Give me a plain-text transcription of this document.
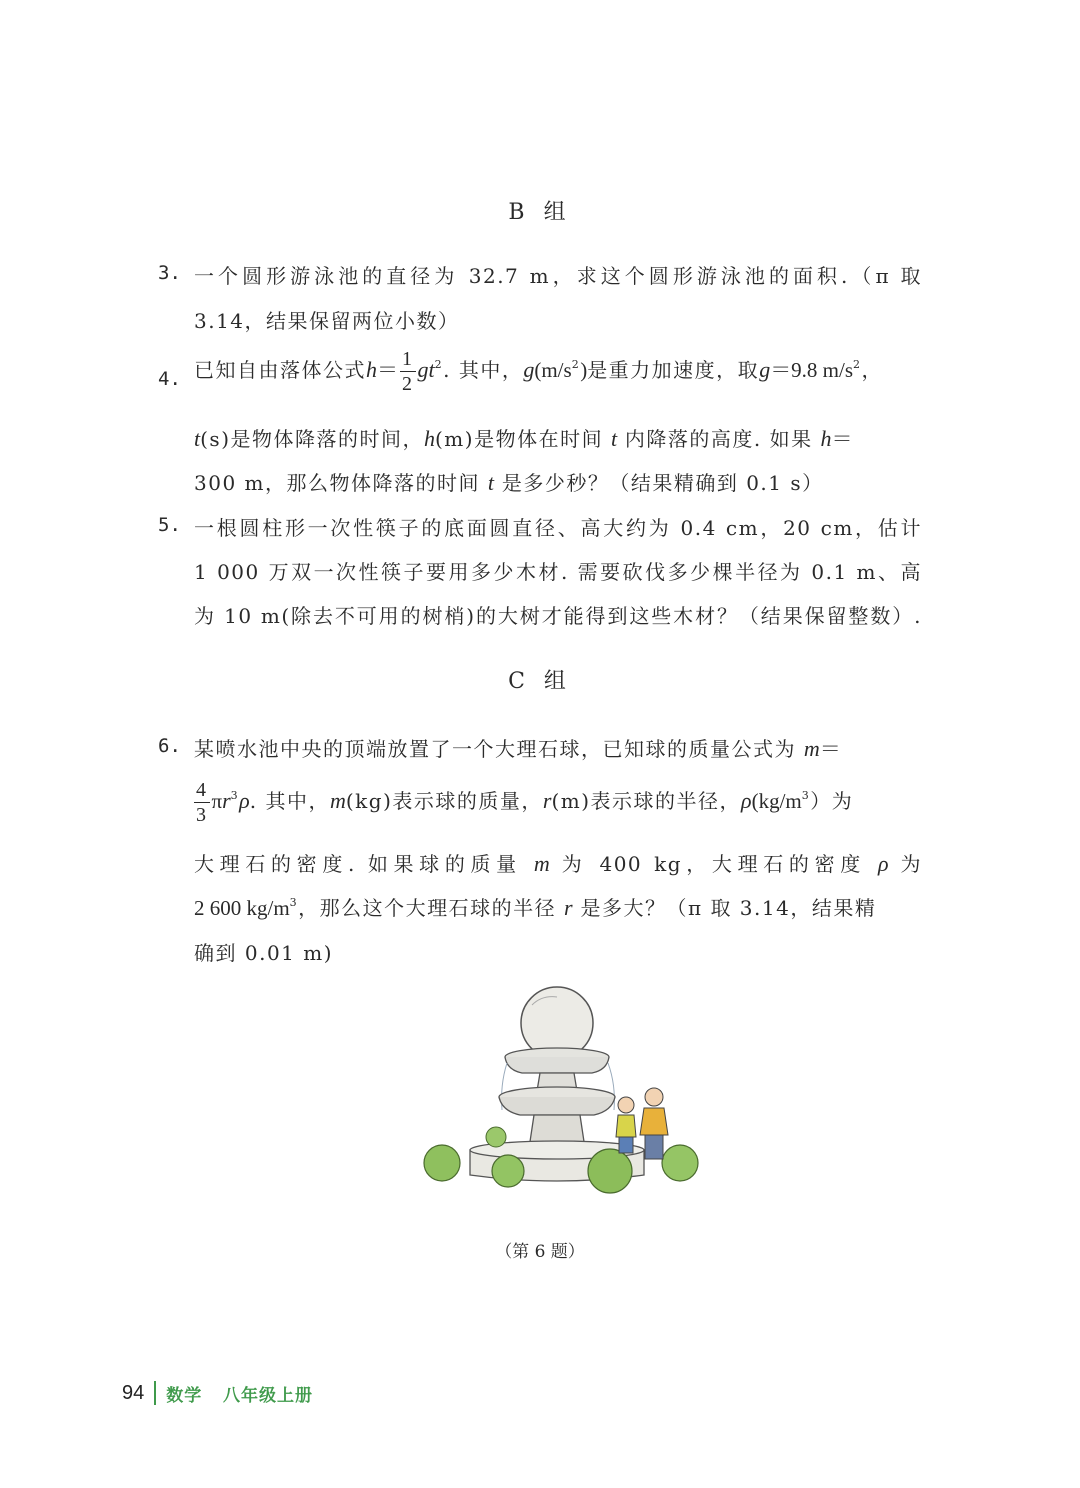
B 组
3. 一个圆形游泳池的直径为 32.7 m，求这个圆形游泳池的面积.（π 取
3.14，结果保留两位小数）
4. 已知自由落体公式$h= \frac{1}{2} gt^2$. 其中，$g(m/s^2)$是重力加速度，取g＝9.8 $m/s^2$，
t(s)是物体降落的时间，h(m)是物体在时间 t 内降落的高度. 如果 h＝
300 m，那么物体降落的时间 t 是多少秒？（结果精确到 0.1 s）
5. 一根圆柱形一次性筷子的底面圆直径、高大约为 0.4 cm，20 cm，估计
1 000 万双一次性筷子要用多少木材. 需要砍伐多少棵半径为 0.1 m、高
为 10 m(除去不可用的树梢)的大树才能得到这些木材？（结果保留整数）.
C 组
6. 某喷水池中央的顶端放置了一个大理石球，已知球的质量公式为 m＝
$\frac{4}{3} \pi r^3\rho$. 其中，m(kg)表示球的质量，r(m)表示球的半径，$\rho(kg/m^3)$为
大理石的密度. 如果球的质量 m 为 400 kg，大理石的密度 ρ 为
2 600 $kg/m^3$，那么这个大理石球的半径 r 是多大？（π 取 3.14，结果精
确到 0.01 m)
（第 6 题）
94 数学   八年级上册
